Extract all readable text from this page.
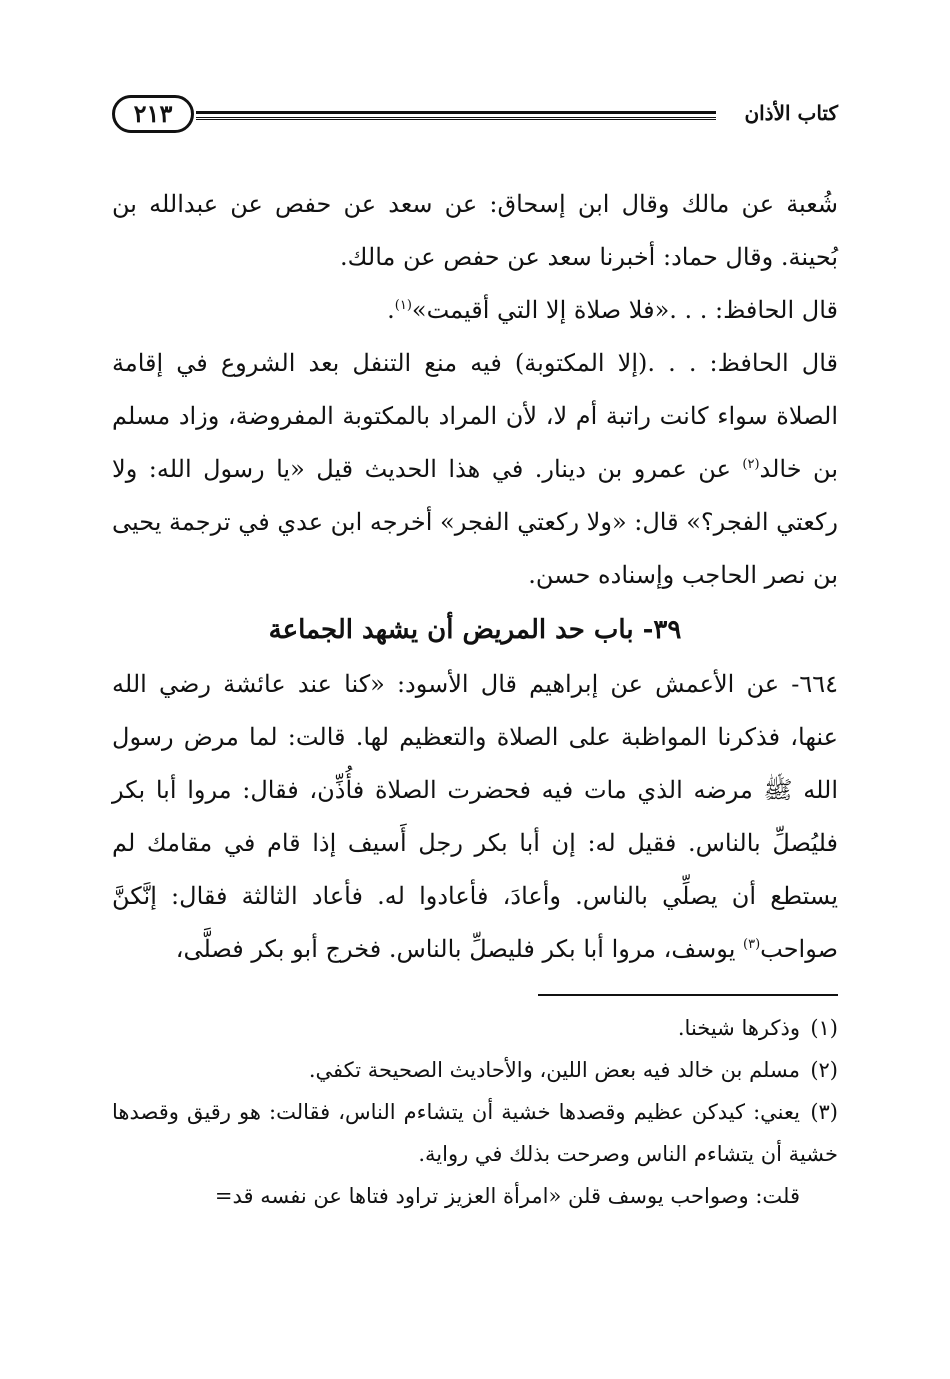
كتاب الأذان
٢١٣

شُعبة عن مالك وقال ابن إسحاق: عن سعد عن حفص عن عبدالله بن بُحينة. وقال حماد: أخبرنا سعد عن حفص عن مالك.

قال الحافظ: . . .«فلا صلاة إلا التي أقيمت»$^{(١)}$.

قال الحافظ: . . .(إلا المكتوبة) فيه منع التنفل بعد الشروع في إقامة الصلاة سواء كانت راتبة أم لا، لأن المراد بالمكتوبة المفروضة، وزاد مسلم بن خالد$^{(٢)}$ عن عمرو بن دينار. في هذا الحديث قيل «يا رسول الله: ولا ركعتي الفجر؟» قال: «ولا ركعتي الفجر» أخرجه ابن عدي في ترجمة يحيى بن نصر الحاجب وإسناده حسن.

٣٩- باب حد المريض أن يشهد الجماعة

٦٦٤- عن الأعمش عن إبراهيم قال الأسود: «كنا عند عائشة رضي الله عنها، فذكرنا المواظبة على الصلاة والتعظيم لها. قالت: لما مرض رسول الله ﷺ مرضه الذي مات فيه فحضرت الصلاة فأُذِّن، فقال: مروا أبا بكر فليُصلِّ بالناس. فقيل له: إن أبا بكر رجل أَسيف إذا قام في مقامك لم يستطع أن يصلِّي بالناس. وأعادَ، فأعادوا له. فأعاد الثالثة فقال: إنَّكنَّ صواحب$^{(٣)}$ يوسف، مروا أبا بكر فليصلِّ بالناس. فخرج أبو بكر فصلَّى،

(١)وذكرها شيخنا.

(٢)مسلم بن خالد فيه بعض اللين، والأحاديث الصحيحة تكفي.

(٣)يعني: كيدكن عظيم وقصدها خشية أن يتشاءم الناس، فقالت: هو رقيق وقصدها خشية أن يتشاءم الناس وصرحت بذلك في رواية.

قلت: وصواحب يوسف قلن «امرأة العزيز تراود فتاها عن نفسه قد=
